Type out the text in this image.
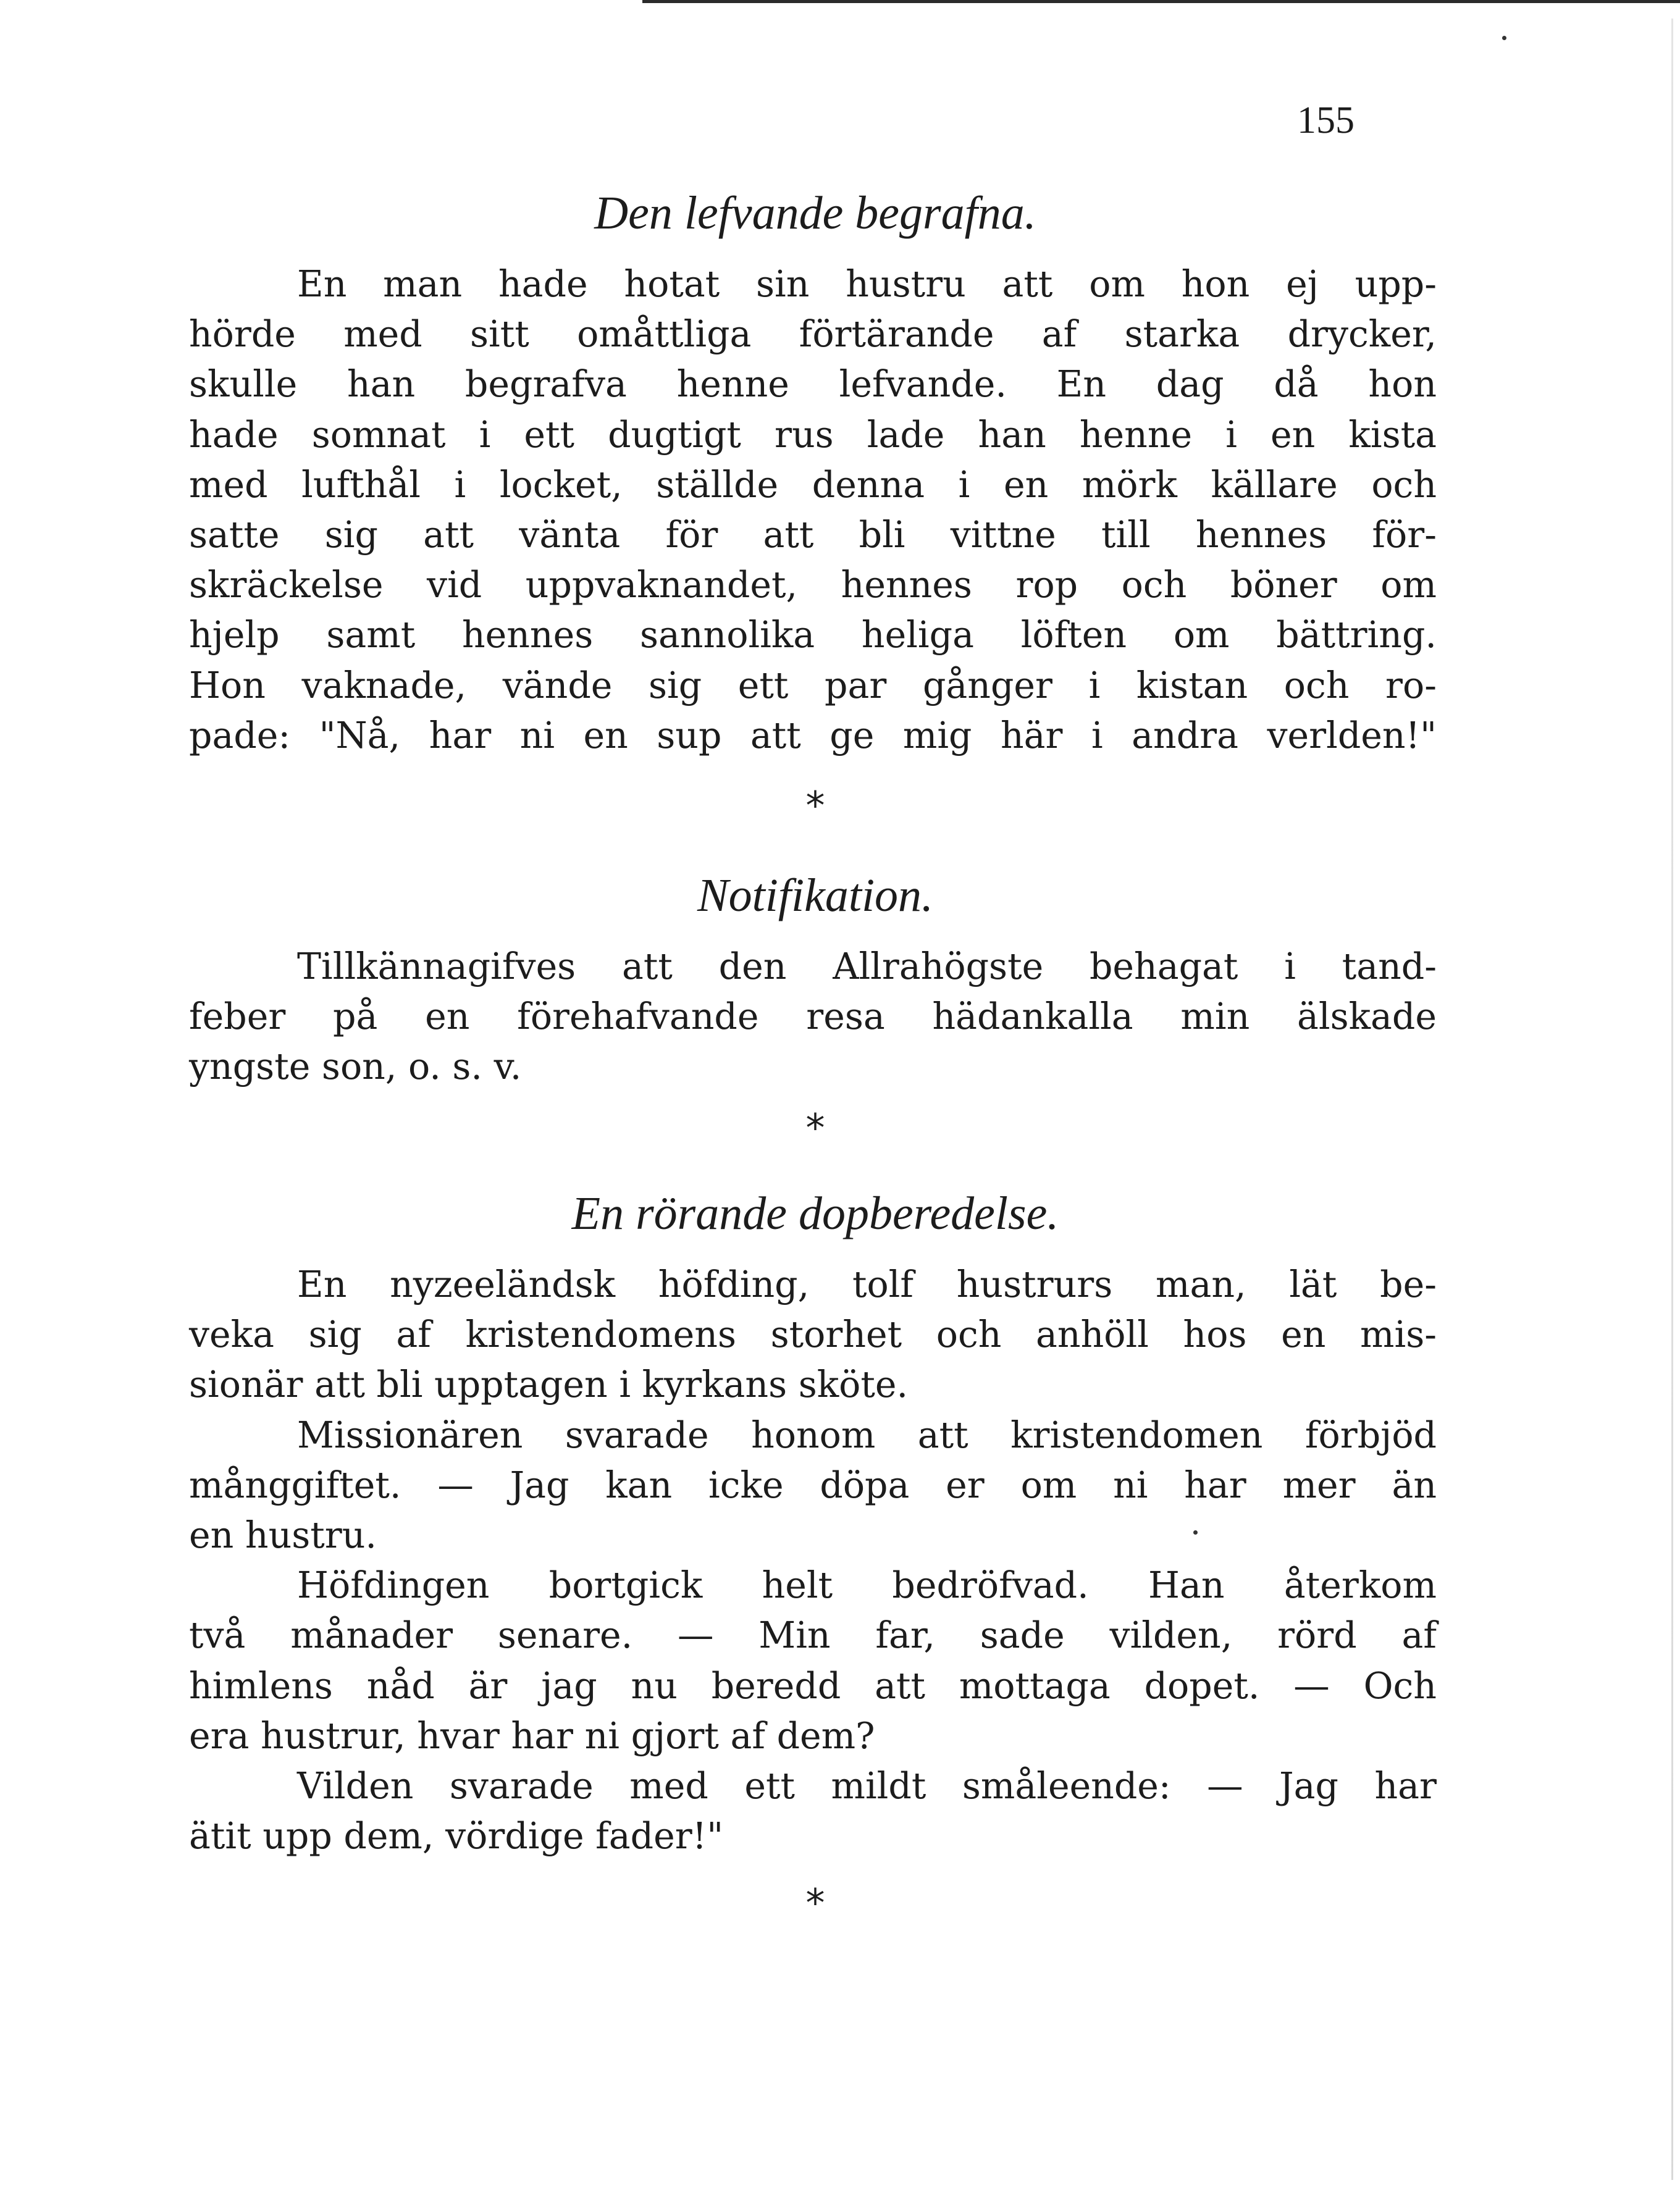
155
Den lefvande begrafna.
En man hade hotat sin hustru att om hon ej upp-
hörde med sitt omåttliga förtärande af starka drycker,
skulle han begrafva henne lefvande. En dag då hon
hade somnat i ett dugtigt rus lade han henne i en kista
med lufthål i locket, ställde denna i en mörk källare och
satte sig att vänta för att bli vittne till hennes för-
skräckelse vid uppvaknandet, hennes rop och böner om
hjelp samt hennes sannolika heliga löften om bättring.
Hon vaknade, vände sig ett par gånger i kistan och ro-
pade: "Nå, har ni en sup att ge mig här i andra verlden!"
*
Notifikation.
Tillkännagifves att den Allrahögste behagat i tand-
feber på en förehafvande resa hädankalla min älskade
yngste son, o. s. v.
*
En rörande dopberedelse.
En nyzeeländsk höfding, tolf hustrurs man, lät be-
veka sig af kristendomens storhet och anhöll hos en mis-
sionär att bli upptagen i kyrkans sköte.
Missionären svarade honom att kristendomen förbjöd
månggiftet. — Jag kan icke döpa er om ni har mer än
en hustru.
Höfdingen bortgick helt bedröfvad. Han återkom
två månader senare. — Min far, sade vilden, rörd af
himlens nåd är jag nu beredd att mottaga dopet. — Och
era hustrur, hvar har ni gjort af dem?
Vilden svarade med ett mildt småleende: — Jag har
ätit upp dem, vördige fader!"
*
